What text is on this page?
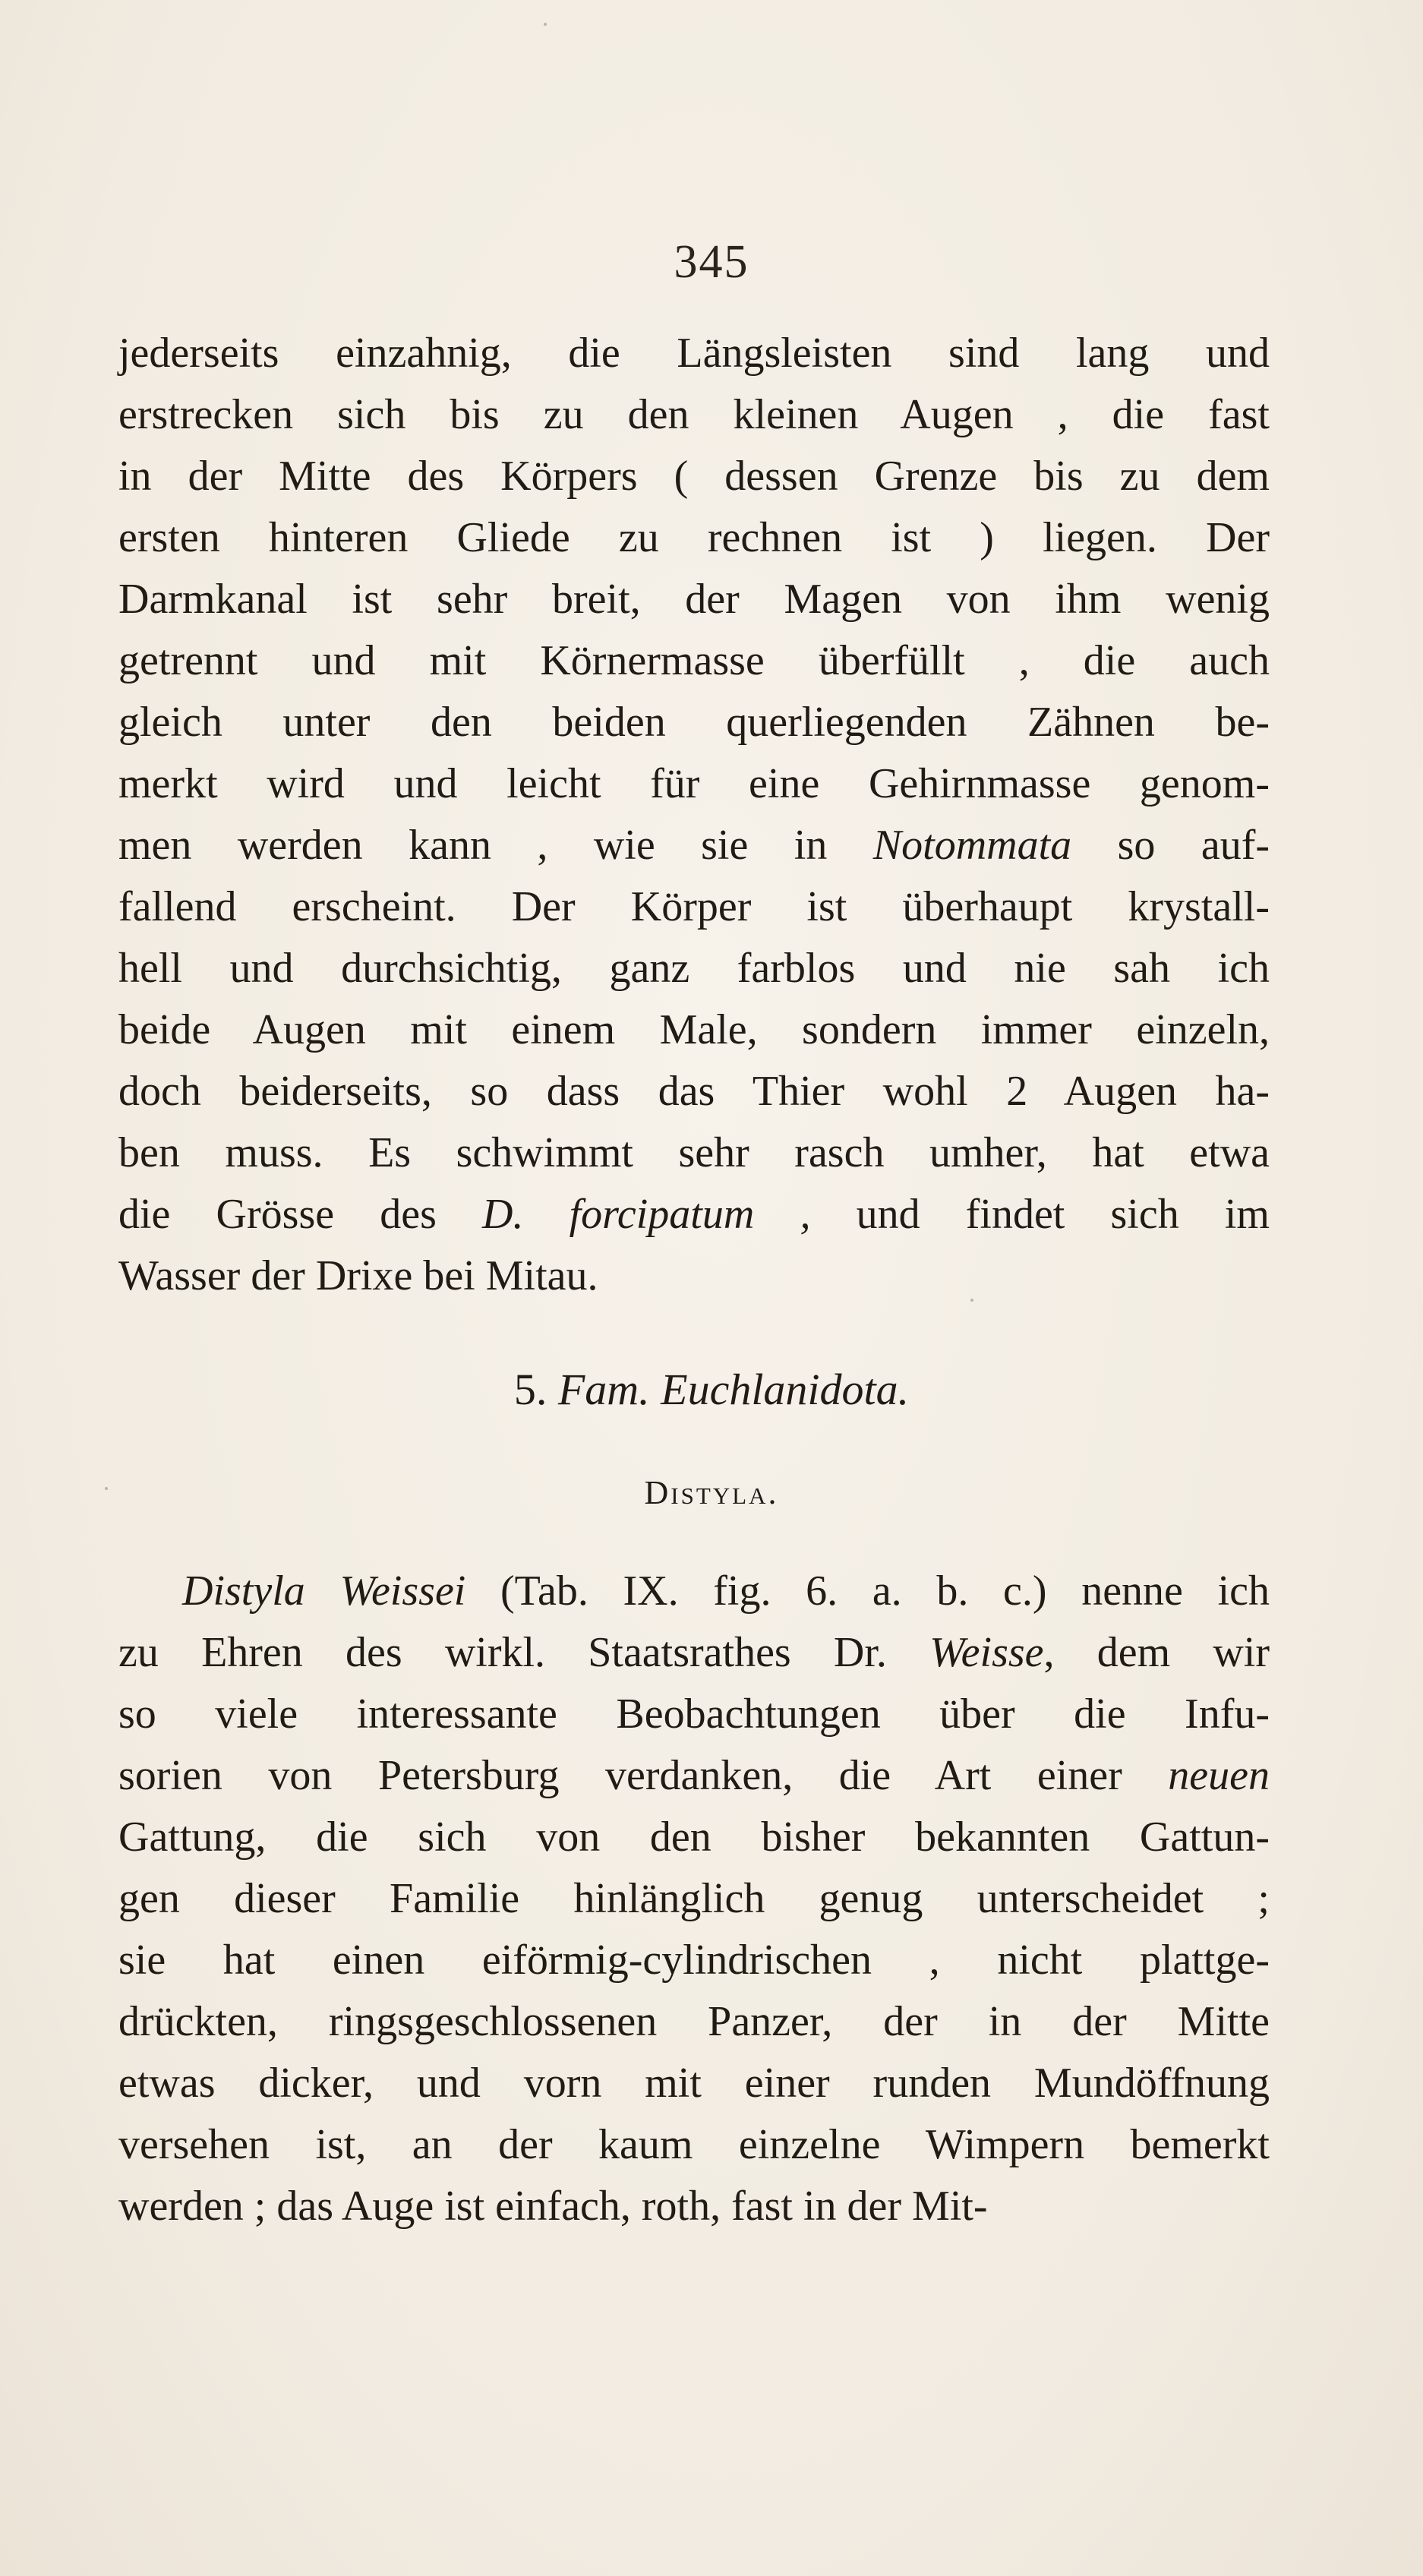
345
jederseits einzahnig, die Längsleisten sind lang und
erstrecken sich bis zu den kleinen Augen , die fast
in der Mitte des Körpers ( dessen Grenze bis zu dem
ersten hinteren Gliede zu rechnen ist ) liegen. Der
Darmkanal ist sehr breit, der Magen von ihm wenig
getrennt und mit Körnermasse überfüllt , die auch
gleich unter den beiden querliegenden Zähnen be-
merkt wird und leicht für eine Gehirnmasse genom-
men werden kann , wie sie in Notommata so auf-
fallend erscheint. Der Körper ist überhaupt krystall-
hell und durchsichtig, ganz farblos und nie sah ich
beide Augen mit einem Male, sondern immer einzeln,
doch beiderseits, so dass das Thier wohl 2 Augen ha-
ben muss. Es schwimmt sehr rasch umher, hat etwa
die Grösse des D. forcipatum , und findet sich im
Wasser der Drixe bei Mitau.
5. Fam. Euchlanidota.
Distyla.
Distyla Weissei (Tab. IX. fig. 6. a. b. c.) nenne ich
zu Ehren des wirkl. Staatsrathes Dr. Weisse, dem wir
so viele interessante Beobachtungen über die Infu-
sorien von Petersburg verdanken, die Art einer neuen
Gattung, die sich von den bisher bekannten Gattun-
gen dieser Familie hinlänglich genug unterscheidet ;
sie hat einen eiförmig-cylindrischen , nicht plattge-
drückten, ringsgeschlossenen Panzer, der in der Mitte
etwas dicker, und vorn mit einer runden Mundöffnung
versehen ist, an der kaum einzelne Wimpern bemerkt
werden ; das Auge ist einfach, roth, fast in der Mit-
